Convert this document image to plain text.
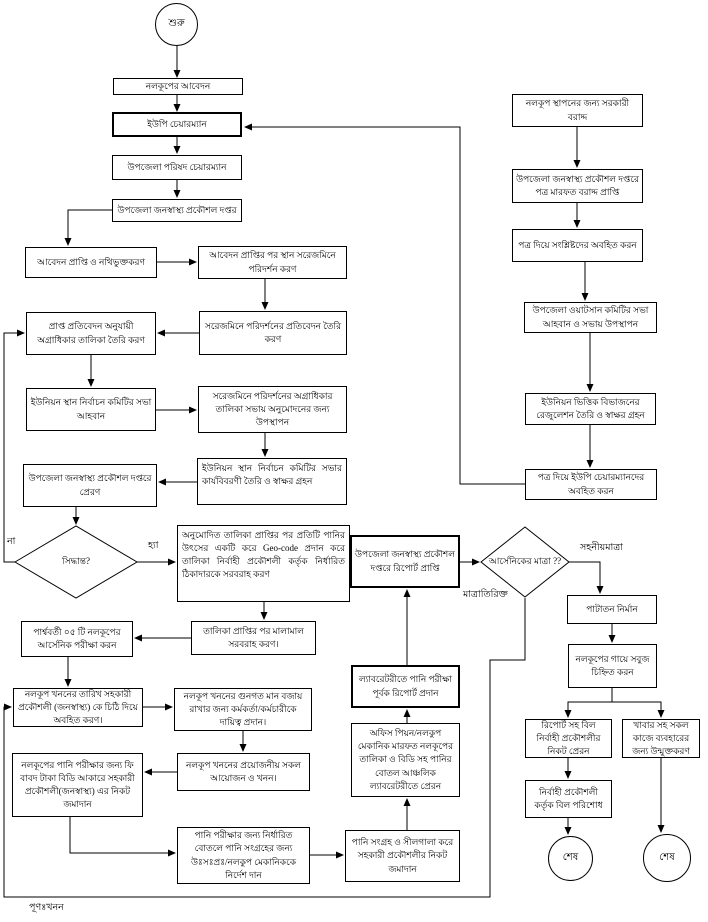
শুরু
নলকূপের আবেদন
ইউপি চেয়ারম্যান
উপজেলা পরিষদ চেয়ারম্যান
উপজেলা জনস্বাস্থ্য প্রকৌশল দপ্তর
আবেদন প্রাপ্তি ও নথিভুক্তকরণ
আবেদন প্রাপ্তির পর স্থান সরেজমিনে পরিদর্শন করণ
প্রাপ্ত প্রতিবেদন অনুযায়ী অগ্রাধিকার তালিকা তৈরি করণ
সরেজমিনে পরিদর্শনের প্রতিবেদন তৈরি করণ
ইউনিয়ন স্থান নির্বাচন কমিটির সভা আহবান
সরেজমিনে পরিদর্শনের অগ্রাধিকার তালিকা সভায় অনুমোদনের জন্য উপস্থাপন
উপজেলা জনস্বাস্থ্য প্রকৌশল দপ্তরে প্রেরণ
ইউনিয়ন স্থান নির্বাচন কমিটির সভার কার্যবিবরণী তৈরি ও স্বাক্ষর গ্রহন
সিদ্ধান্ত?
অনুমোদিত তালিকা প্রাপ্তির পর প্রতিটি পানির উৎসের একটি করে Geo-code প্রদান করে তালিকা নির্বাহী প্রকৌশলী কর্তৃক নির্ধারিত ঠিকাদারকে সরবরাহ করণ
পার্শ্ববর্তী ০৫ টি নলকূপের আর্সেনিক পরীক্ষা করন
তালিকা প্রাপ্তির পর মালামাল সরবরাহ করণ।
নলকূপ খননের তারিখ সহকারী প্রকৌশলী (জনস্বাস্থ্য) কে চিঠি দিয়ে অবহিত করণ।
নলকূপ খননের গুনগত মান বজায় রাখার জন্য কর্মকর্তা/কর্মচারীকে দায়িত্ব প্রদান।
নলকূপের পানি পরীক্ষার জন্য ফি বাবদ টাকা বিডি আকারে সহকারী প্রকৌশলী(জনস্বাস্থ্য) এর নিকট জমাদান
নলকূপ খননের প্রয়োজনীয় সকল আয়োজন ও খনন।
পানি পরীক্ষার জন্য নির্ধারিত বোতলে পানি সংগ্রহের জন্য উঃসঃপ্রঃ/নলকুপ মেকানিককে নির্দেশ দান
পানি সংগ্রহ ও সীলগালা করে সহকারী প্রকৌশলীর নিকট জমাদান
অফিস পিয়ন/নলকুপ মেকানিক মারফত নলকূপের তালিকা ও বিডি সহ পানির বোতল আঞ্চলিক ল্যাবরেটরীতে প্রেরন
ল্যাবরেটরীতে পানি পরীক্ষা পূর্বক রিপোর্ট প্রদান
উপজেলা জনস্বাস্থ্য প্রকৌশল দপ্তরে রিপোর্ট প্রাপ্তি
আর্সেনিকের মাত্রা ??
নলকূপ স্থাপনের জন্য সরকারী বরাদ্দ
উপজেলা জনস্বাস্থ্য প্রকৌশল দপ্তরে পত্র মারফত বরাদ্দ প্রাপ্তি
পত্র দিয়ে সংশ্লিষ্টদের অবহিত করন
উপজেলা ওয়াটসান কমিটির সভা আহবান ও সভায় উপস্থাপন
ইউনিয়ন ভিত্তিক বিভাজনের রেজুলেশন তৈরি ও স্বাক্ষর গ্রহন
পত্র দিয়ে ইউপি চেয়ারম্যানদের অবহিত করন
পাটাতন নির্মান
নলকূপের গায়ে সবুজ চিহ্নিত করন
রিপোর্ট সহ বিল নির্বাহী প্রকৌশলীর নিকট প্রেরন
খাবার সহ সকল কাজে ব্যবহারের জন্য উন্মুক্তকরণ
নির্বাহী প্রকৌশলী কর্তৃক বিল পরিশোধ
শেষ	শেষ
না	হ্যা
মাত্রাতিরিক্ত
সহনীয়মাত্রা
পূণঃখনন
